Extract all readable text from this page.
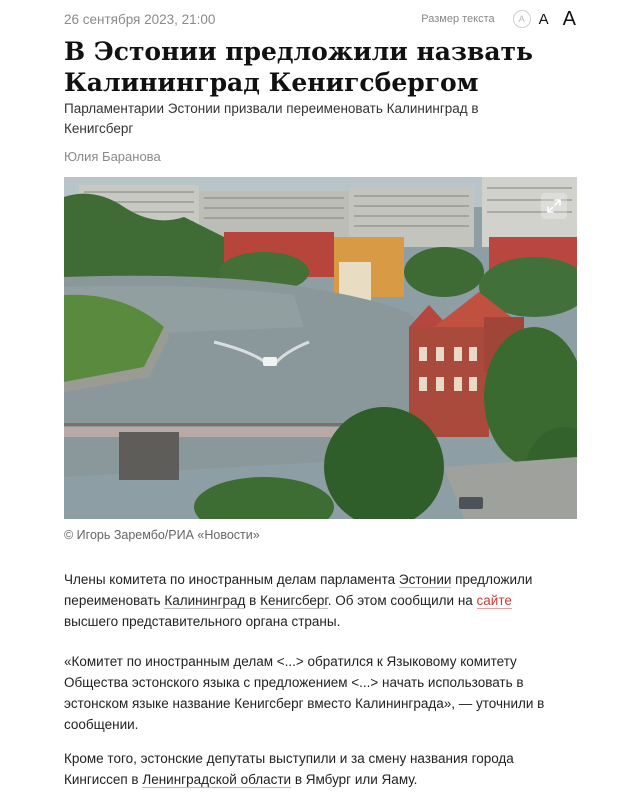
26 сентября 2023, 21:00	Размер текста	A A A
В Эстонии предложили назвать Калининград Кенигсбергом

Парламентарии Эстонии призвали переименовать Калининград в Кенигсберг

Юлия Баранова
© Игорь Зарембо/РИА «Новости»

Члены комитета по иностранным делам парламента Эстонии предложили переименовать Калининград в Кенигсберг. Об этом сообщили на сайте высшего представительного органа страны.

«Комитет по иностранным делам <...> обратился к Языковому комитету Общества эстонского языка с предложением <...> начать использовать в эстонском языке название Кенигсберг вместо Калининграда», — уточнили в сообщении.

Кроме того, эстонские депутаты выступили и за смену названия города Кингиссеп в Ленинградской области в Ямбург или Яаму.
